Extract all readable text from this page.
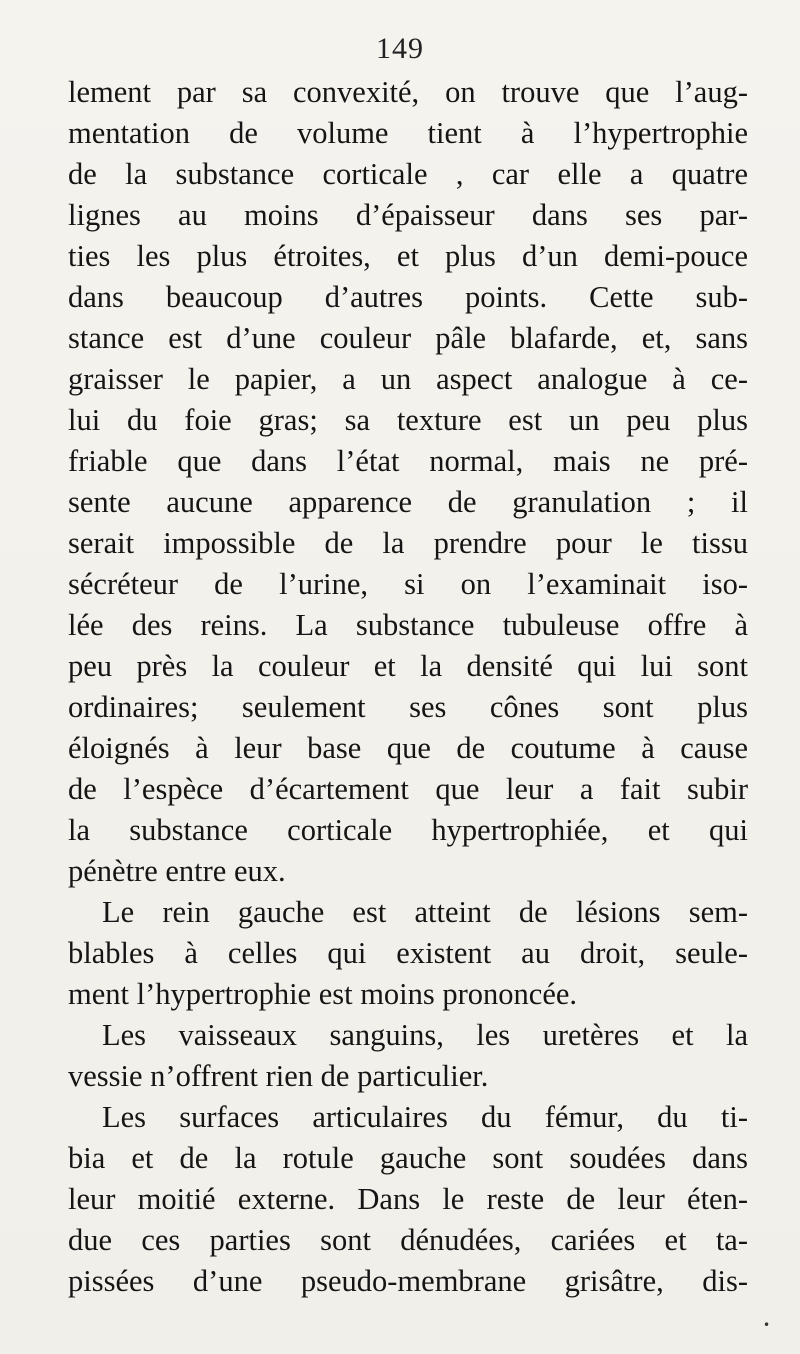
149
lement par sa convexité, on trouve que l’aug-
mentation de volume tient à l’hypertrophie
de la substance corticale , car elle a quatre
lignes au moins d’épaisseur dans ses par-
ties les plus étroites, et plus d’un demi-pouce
dans beaucoup d’autres points. Cette sub-
stance est d’une couleur pâle blafarde, et, sans
graisser le papier, a un aspect analogue à ce-
lui du foie gras; sa texture est un peu plus
friable que dans l’état normal, mais ne pré-
sente aucune apparence de granulation ; il
serait impossible de la prendre pour le tissu
sécréteur de l’urine, si on l’examinait iso-
lée des reins. La substance tubuleuse offre à
peu près la couleur et la densité qui lui sont
ordinaires; seulement ses cônes sont plus
éloignés à leur base que de coutume à cause
de l’espèce d’écartement que leur a fait subir
la substance corticale hypertrophiée, et qui
pénètre entre eux.
Le rein gauche est atteint de lésions sem-
blables à celles qui existent au droit, seule-
ment l’hypertrophie est moins prononcée.
Les vaisseaux sanguins, les uretères et la
vessie n’offrent rien de particulier.
Les surfaces articulaires du fémur, du ti-
bia et de la rotule gauche sont soudées dans
leur moitié externe. Dans le reste de leur éten-
due ces parties sont dénudées, cariées et ta-
pissées d’une pseudo-membrane grisâtre, dis-
•
